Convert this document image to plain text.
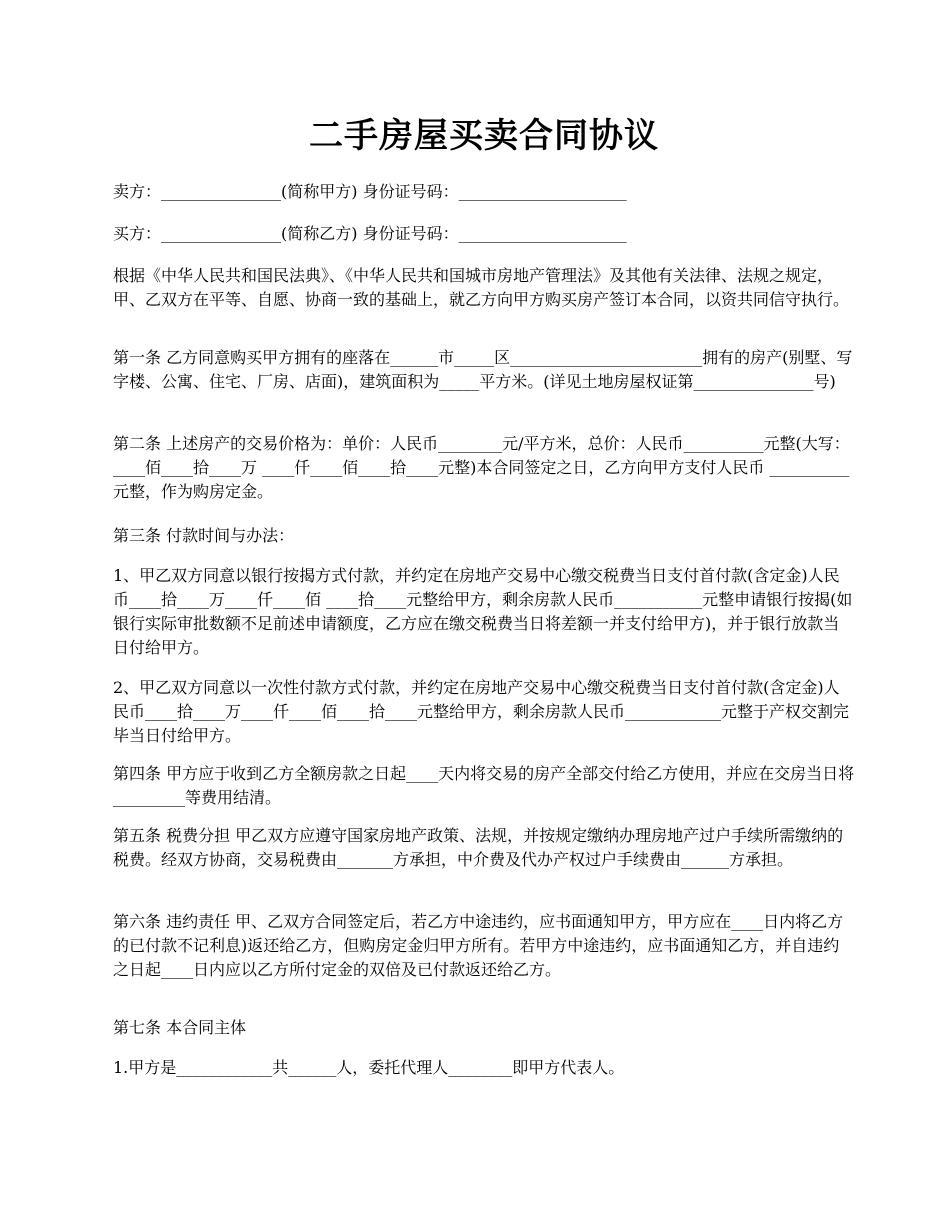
二手房屋买卖合同协议

卖方：_______________(简称甲方) 身份证号码：_____________________

买方：_______________(简称乙方) 身份证号码：_____________________

根据《中华人民共和国民法典》、《中华人民共和国城市房地产管理法》及其他有关法律、法规之规定，甲、乙双方在平等、自愿、协商一致的基础上，就乙方向甲方购买房产签订本合同，以资共同信守执行。

第一条 乙方同意购买甲方拥有的座落在______市_____区________________________拥有的房产(别墅、写字楼、公寓、住宅、厂房、店面)，建筑面积为_____平方米。(详见土地房屋权证第_______________号)

第二条 上述房产的交易价格为：单价：人民币________元/平方米，总价：人民币__________元整(大写：____佰____拾____万 ____仟____佰____拾____元整)本合同签定之日，乙方向甲方支付人民币 __________元整，作为购房定金。

第三条 付款时间与办法：

1、甲乙双方同意以银行按揭方式付款，并约定在房地产交易中心缴交税费当日支付首付款(含定金)人民币____拾____万____仟____佰 ____拾____元整给甲方，剩余房款人民币___________元整申请银行按揭(如银行实际审批数额不足前述申请额度，乙方应在缴交税费当日将差额一并支付给甲方)，并于银行放款当日付给甲方。

2、甲乙双方同意以一次性付款方式付款，并约定在房地产交易中心缴交税费当日支付首付款(含定金)人民币____拾____万____仟____佰____拾____元整给甲方，剩余房款人民币____________元整于产权交割完毕当日付给甲方。

第四条 甲方应于收到乙方全额房款之日起____天内将交易的房产全部交付给乙方使用，并应在交房当日将_________等费用结清。

第五条 税费分担 甲乙双方应遵守国家房地产政策、法规，并按规定缴纳办理房地产过户手续所需缴纳的税费。经双方协商，交易税费由_______方承担，中介费及代办产权过户手续费由______方承担。

第六条 违约责任 甲、乙双方合同签定后，若乙方中途违约，应书面通知甲方，甲方应在____日内将乙方的已付款不记利息)返还给乙方，但购房定金归甲方所有。若甲方中途违约，应书面通知乙方，并自违约之日起____日内应以乙方所付定金的双倍及已付款返还给乙方。

第七条 本合同主体

1.甲方是____________共______人，委托代理人________即甲方代表人。
